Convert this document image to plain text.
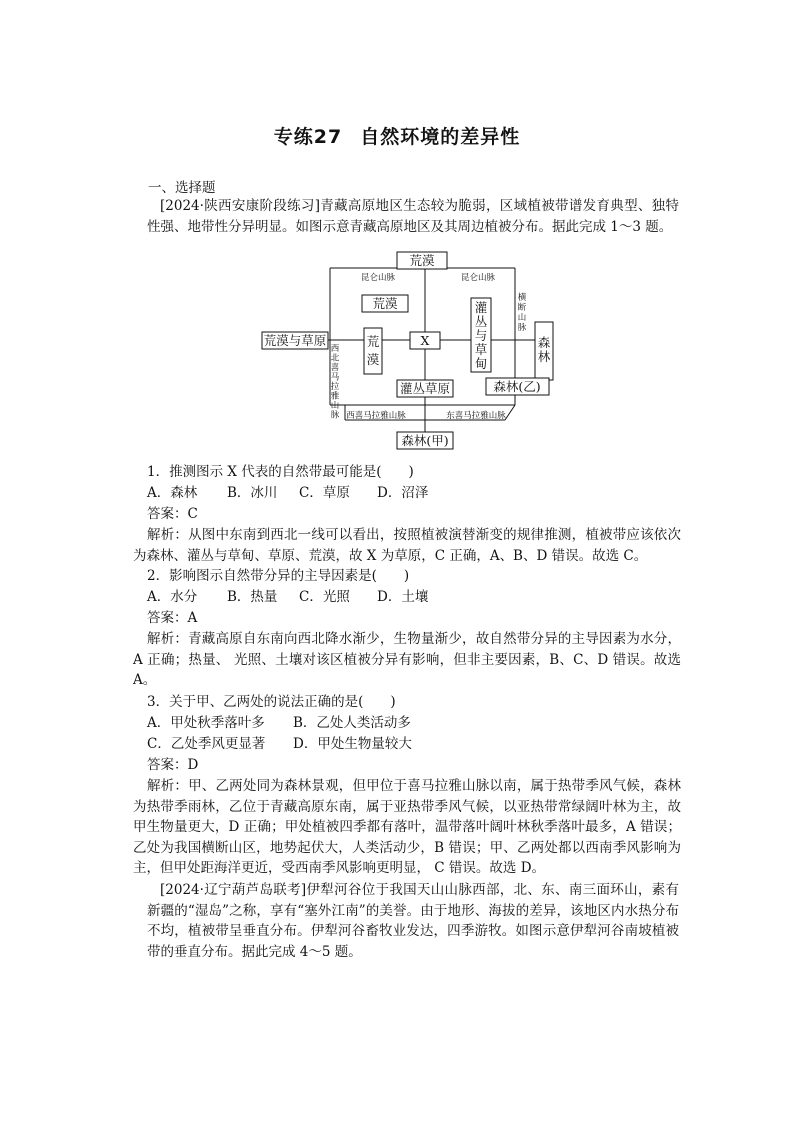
专练27 自然环境的差异性
一、选择题
[2024·陕西安康阶段练习]青藏高原地区生态较为脆弱，区域植被带谱发育典型、独特性强、地带性分异明显。如图示意青藏高原地区及其周边植被分布。据此完成 1～3 题。
荒漠
荒漠
荒漠与草原	X
灌丛草原	森林(乙)
森林(甲)
昆仑山脉	昆仑山脉
西喜马拉雅山脉	东喜马拉雅山脉
横
断
山
脉
西
北
喜
马
拉
雅
山
脉
灌
丛
与
草
甸
森
林
荒
漠
1．推测图示 X 代表的自然带最可能是(　　)
A．森林 B．冰川 C．草原 D．沼泽
答案：C
解析：从图中东南到西北一线可以看出，按照植被演替渐变的规律推测，植被带应该依次为森林、灌丛与草甸、草原、荒漠，故 X 为草原，C 正确，A、B、D 错误。故选 C。
2．影响图示自然带分异的主导因素是(　　)
A．水分 B．热量 C．光照 D．土壤
答案：A
解析：青藏高原自东南向西北降水渐少，生物量渐少，故自然带分异的主导因素为水分，A 正确；热量、 光照、土壤对该区植被分异有影响，但非主要因素，B、C、D 错误。故选 A。
3．关于甲、乙两处的说法正确的是(　　)
A．甲处秋季落叶多 B．乙处人类活动多
C．乙处季风更显著 D．甲处生物量较大
答案：D
解析：甲、乙两处同为森林景观，但甲位于喜马拉雅山脉以南，属于热带季风气候，森林为热带季雨林，乙位于青藏高原东南，属于亚热带季风气候，以亚热带常绿阔叶林为主，故甲生物量更大，D 正确；甲处植被四季都有落叶，温带落叶阔叶林秋季落叶最多，A 错误；乙处为我国横断山区，地势起伏大，人类活动少，B 错误；甲、乙两处都以西南季风影响为主，但甲处距海洋更近，受西南季风影响更明显， C 错误。故选 D。
[2024·辽宁葫芦岛联考]伊犁河谷位于我国天山山脉西部，北、东、南三面环山，素有新疆的“湿岛”之称，享有“塞外江南”的美誉。由于地形、海拔的差异，该地区内水热分布不均，植被带呈垂直分布。伊犁河谷畜牧业发达，四季游牧。如图示意伊犁河谷南坡植被带的垂直分布。据此完成 4～5 题。
